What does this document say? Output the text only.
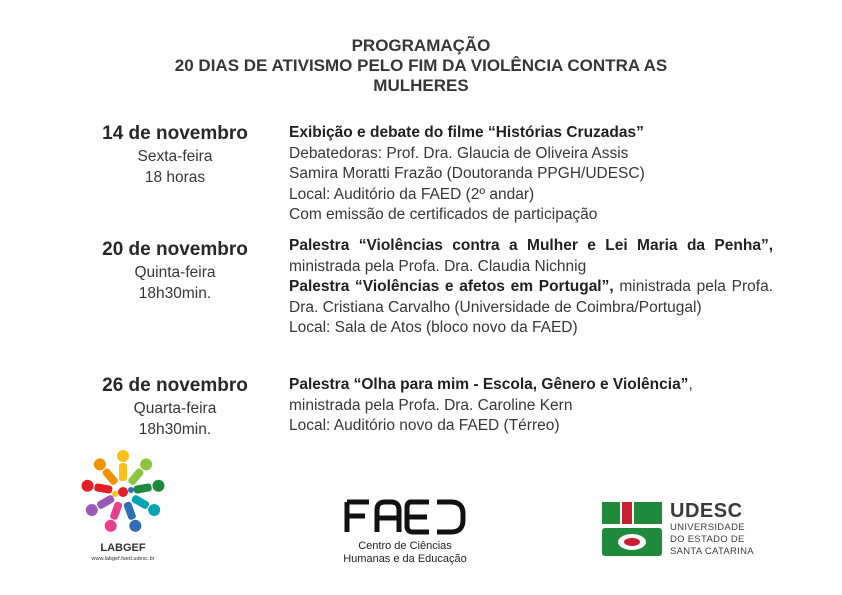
PROGRAMAÇÃO
20 DIAS DE ATIVISMO PELO FIM DA VIOLÊNCIA CONTRA AS
MULHERES
14 de novembro
Sexta-feira
18 horas
Exibição e debate do filme “Histórias Cruzadas”
Debatedoras: Prof. Dra. Glaucia de Oliveira Assis
Samira Moratti Frazão (Doutoranda PPGH/UDESC)
Local: Auditório da FAED (2º andar)
Com emissão de certificados de participação
20 de novembro
Quinta-feira
18h30min.
Palestra “Violências contra a Mulher e Lei Maria da Penha”, ministrada pela Profa. Dra. Claudia Nichnig
Palestra “Violências e afetos em Portugal”, ministrada pela Profa. Dra. Cristiana Carvalho (Universidade de Coimbra/Portugal)
Local: Sala de Atos (bloco novo da FAED)
26 de novembro
Quarta-feira
18h30min.
Palestra “Olha para mim - Escola, Gênero e Violência”,
ministrada pela Profa. Dra. Caroline Kern
Local: Auditório novo da FAED (Térreo)
LABGEF
www.labgef.faed.udesc.br
Centro de Ciências
Humanas e da Educação
UDESC
UNIVERSIDADE
DO ESTADO DE
SANTA CATARINA
